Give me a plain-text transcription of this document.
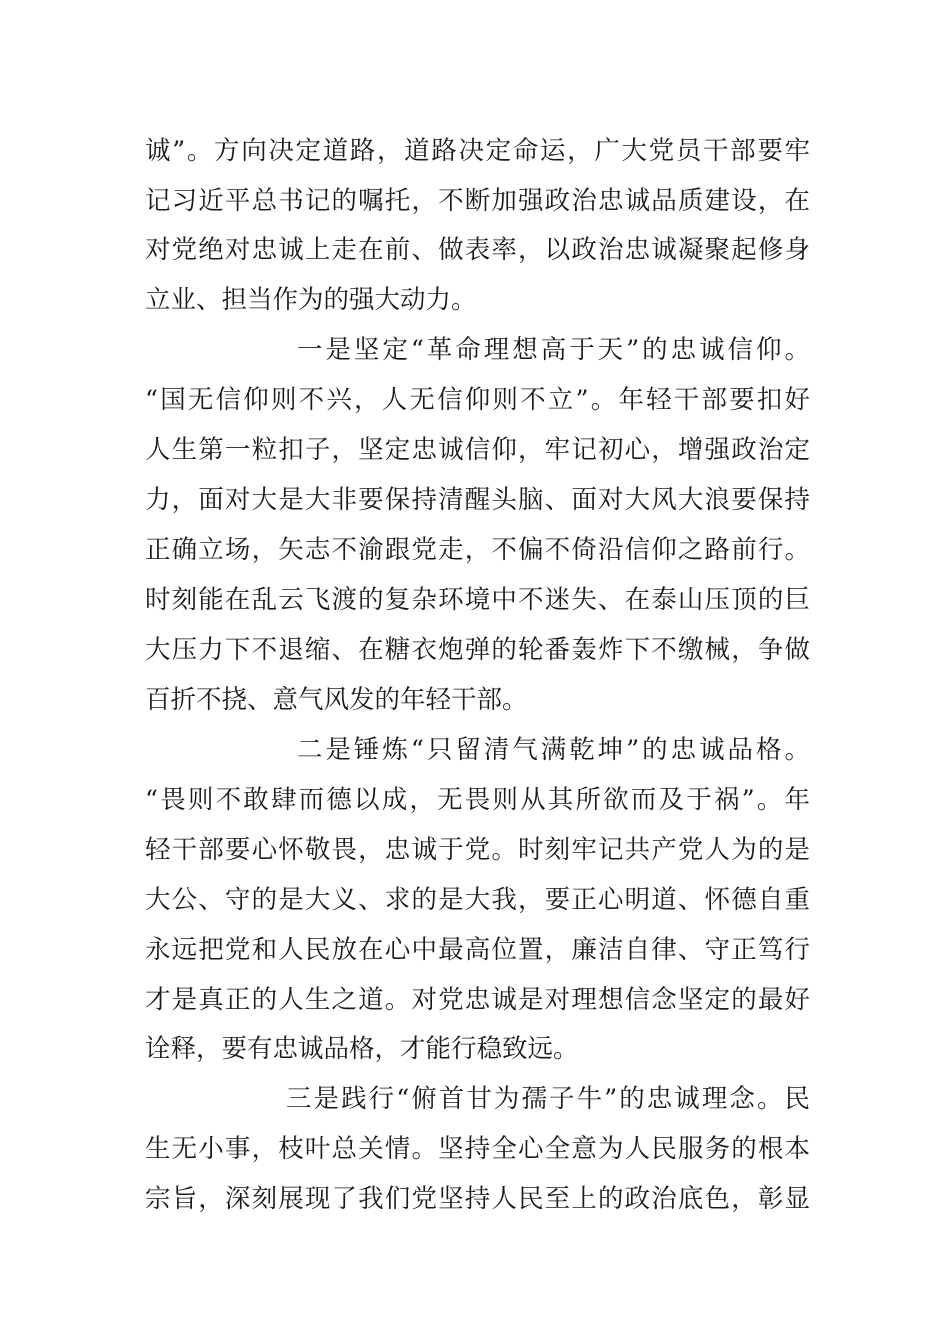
诚”。方向决定道路，道路决定命运，广大党员干部要牢
记习近平总书记的嘱托，不断加强政治忠诚品质建设，在
对党绝对忠诚上走在前、做表率，以政治忠诚凝聚起修身
立业、担当作为的强大动力。
一是坚定“革命理想高于天”的忠诚信仰。
“国无信仰则不兴，人无信仰则不立”。年轻干部要扣好
人生第一粒扣子，坚定忠诚信仰，牢记初心，增强政治定
力，面对大是大非要保持清醒头脑、面对大风大浪要保持
正确立场，矢志不渝跟党走，不偏不倚沿信仰之路前行。
时刻能在乱云飞渡的复杂环境中不迷失、在泰山压顶的巨
大压力下不退缩、在糖衣炮弹的轮番轰炸下不缴械，争做
百折不挠、意气风发的年轻干部。
二是锤炼“只留清气满乾坤”的忠诚品格。
“畏则不敢肆而德以成，无畏则从其所欲而及于祸”。年
轻干部要心怀敬畏，忠诚于党。时刻牢记共产党人为的是
大公、守的是大义、求的是大我，要正心明道、怀德自重
永远把党和人民放在心中最高位置，廉洁自律、守正笃行
才是真正的人生之道。对党忠诚是对理想信念坚定的最好
诠释，要有忠诚品格，才能行稳致远。
三是践行“俯首甘为孺子牛”的忠诚理念。民
生无小事，枝叶总关情。坚持全心全意为人民服务的根本
宗旨，深刻展现了我们党坚持人民至上的政治底色，彰显
